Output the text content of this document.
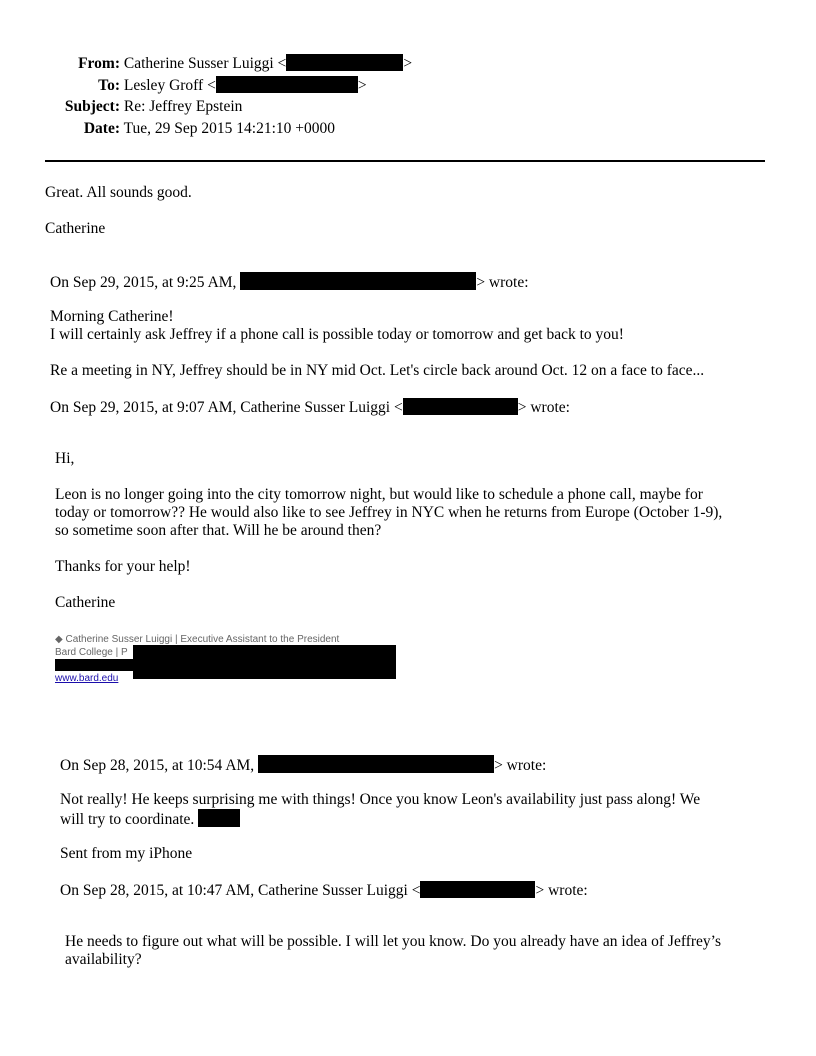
From: Catherine Susser Luiggi <	>
To: Lesley Groff <	>
Subject: Re: Jeffrey Epstein
Date: Tue, 29 Sep 2015 14:21:10 +0000
Great. All sounds good.
Catherine
On Sep 29, 2015, at 9:25 AM,	> wrote:
Morning Catherine!
I will certainly ask Jeffrey if a phone call is possible today or tomorrow and get back to you!
Re a meeting in NY, Jeffrey should be in NY mid Oct. Let's circle back around Oct. 12 on a face to face...
On Sep 29, 2015, at 9:07 AM, Catherine Susser Luiggi <	> wrote:
Hi,
Leon is no longer going into the city tomorrow night, but would like to schedule a phone call, maybe for
today or tomorrow?? He would also like to see Jeffrey in NYC when he returns from Europe (October 1-9),
so sometime soon after that. Will he be around then?
Thanks for your help!
Catherine
◆ Catherine Susser Luiggi | Executive Assistant to the President
Bard College | P
www.bard.edu
On Sep 28, 2015, at 10:54 AM,	> wrote:
Not really! He keeps surprising me with things! Once you know Leon's availability just pass along! We
will try to coordinate.
Sent from my iPhone
On Sep 28, 2015, at 10:47 AM, Catherine Susser Luiggi <	> wrote:
He needs to figure out what will be possible. I will let you know. Do you already have an idea of Jeffrey’s
availability?
